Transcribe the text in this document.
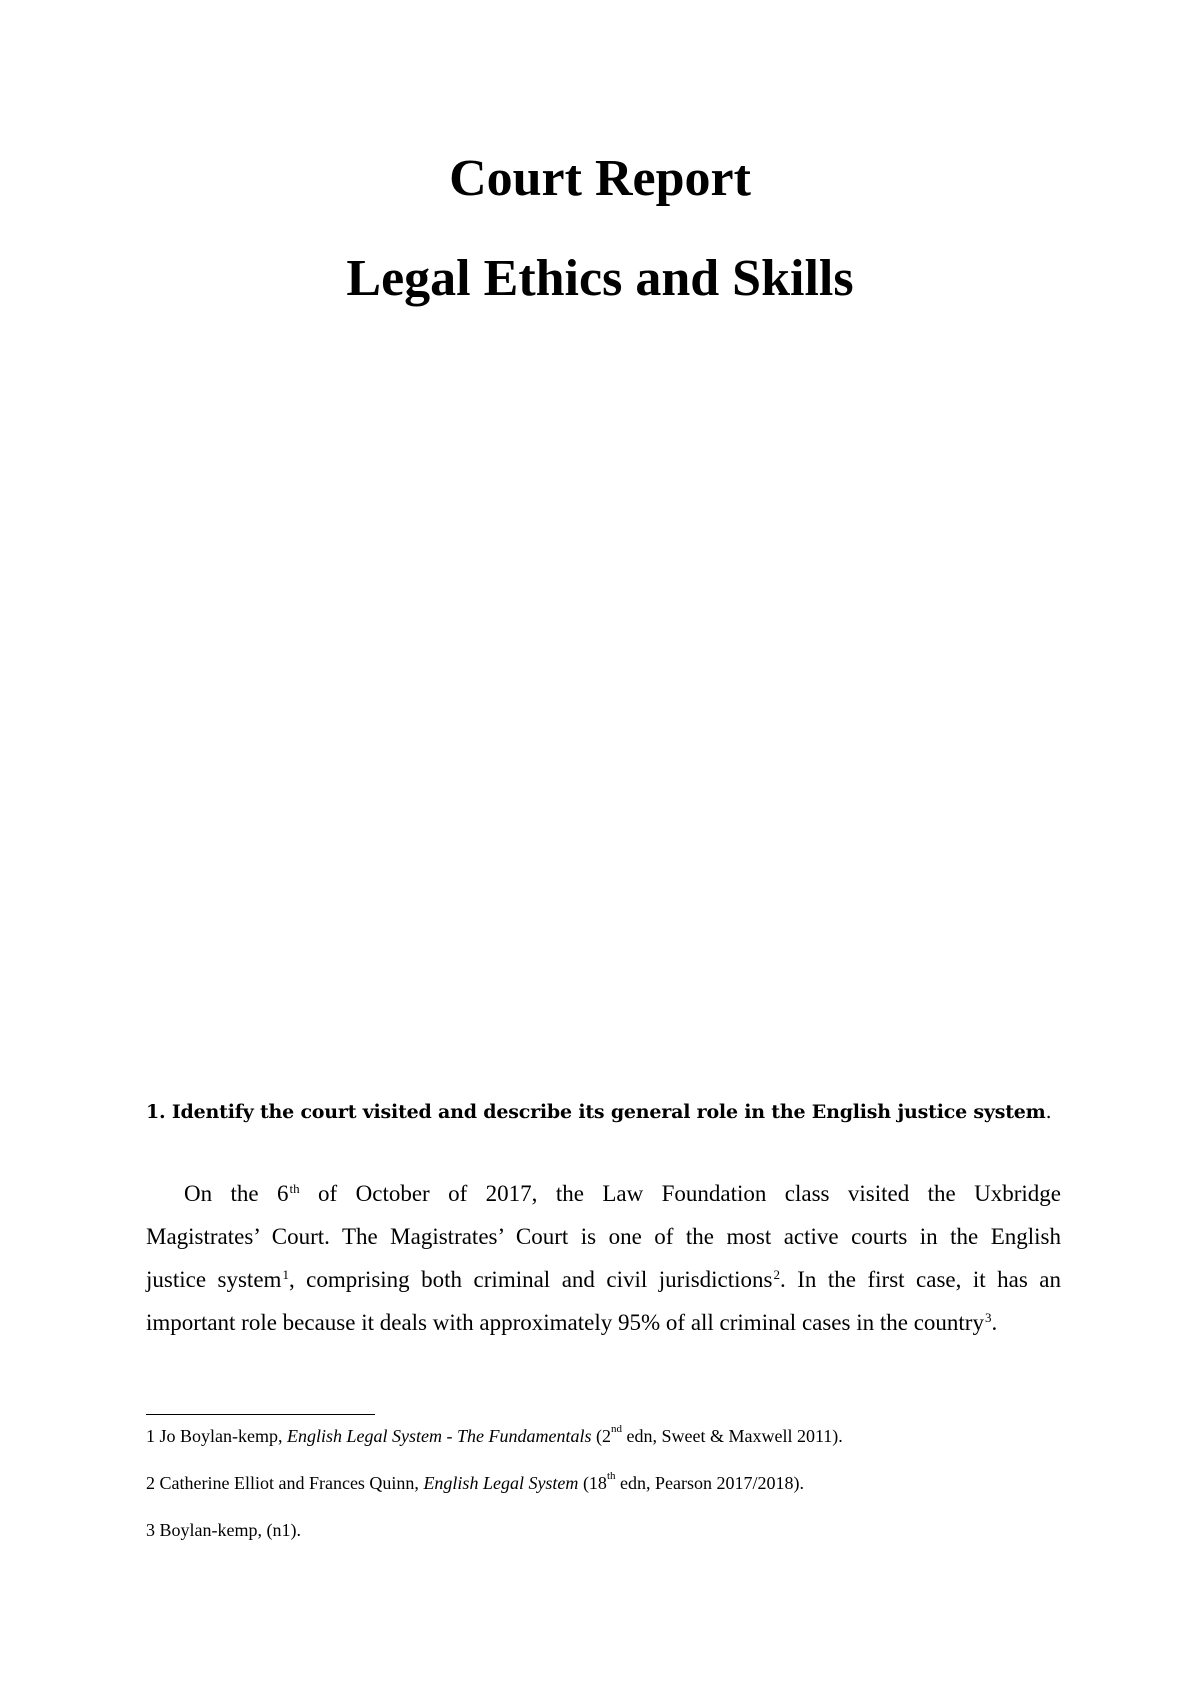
Court Report
Legal Ethics and Skills
1. Identify the court visited and describe its general role in the English justice system.
On the 6th of October of 2017, the Law Foundation class visited the Uxbridge
Magistrates’ Court. The Magistrates’ Court is one of the most active courts in the English
justice system$^1$, comprising both criminal and civil jurisdictions$^2$. In the first case, it has an
important role because it deals with approximately 95% of all criminal cases in the country$^3$.
1 Jo Boylan-kemp, English Legal System - The Fundamentals (2nd edn, Sweet & Maxwell 2011).
2 Catherine Elliot and Frances Quinn, English Legal System (18th edn, Pearson 2017/2018).
3 Boylan-kemp, (n1).
